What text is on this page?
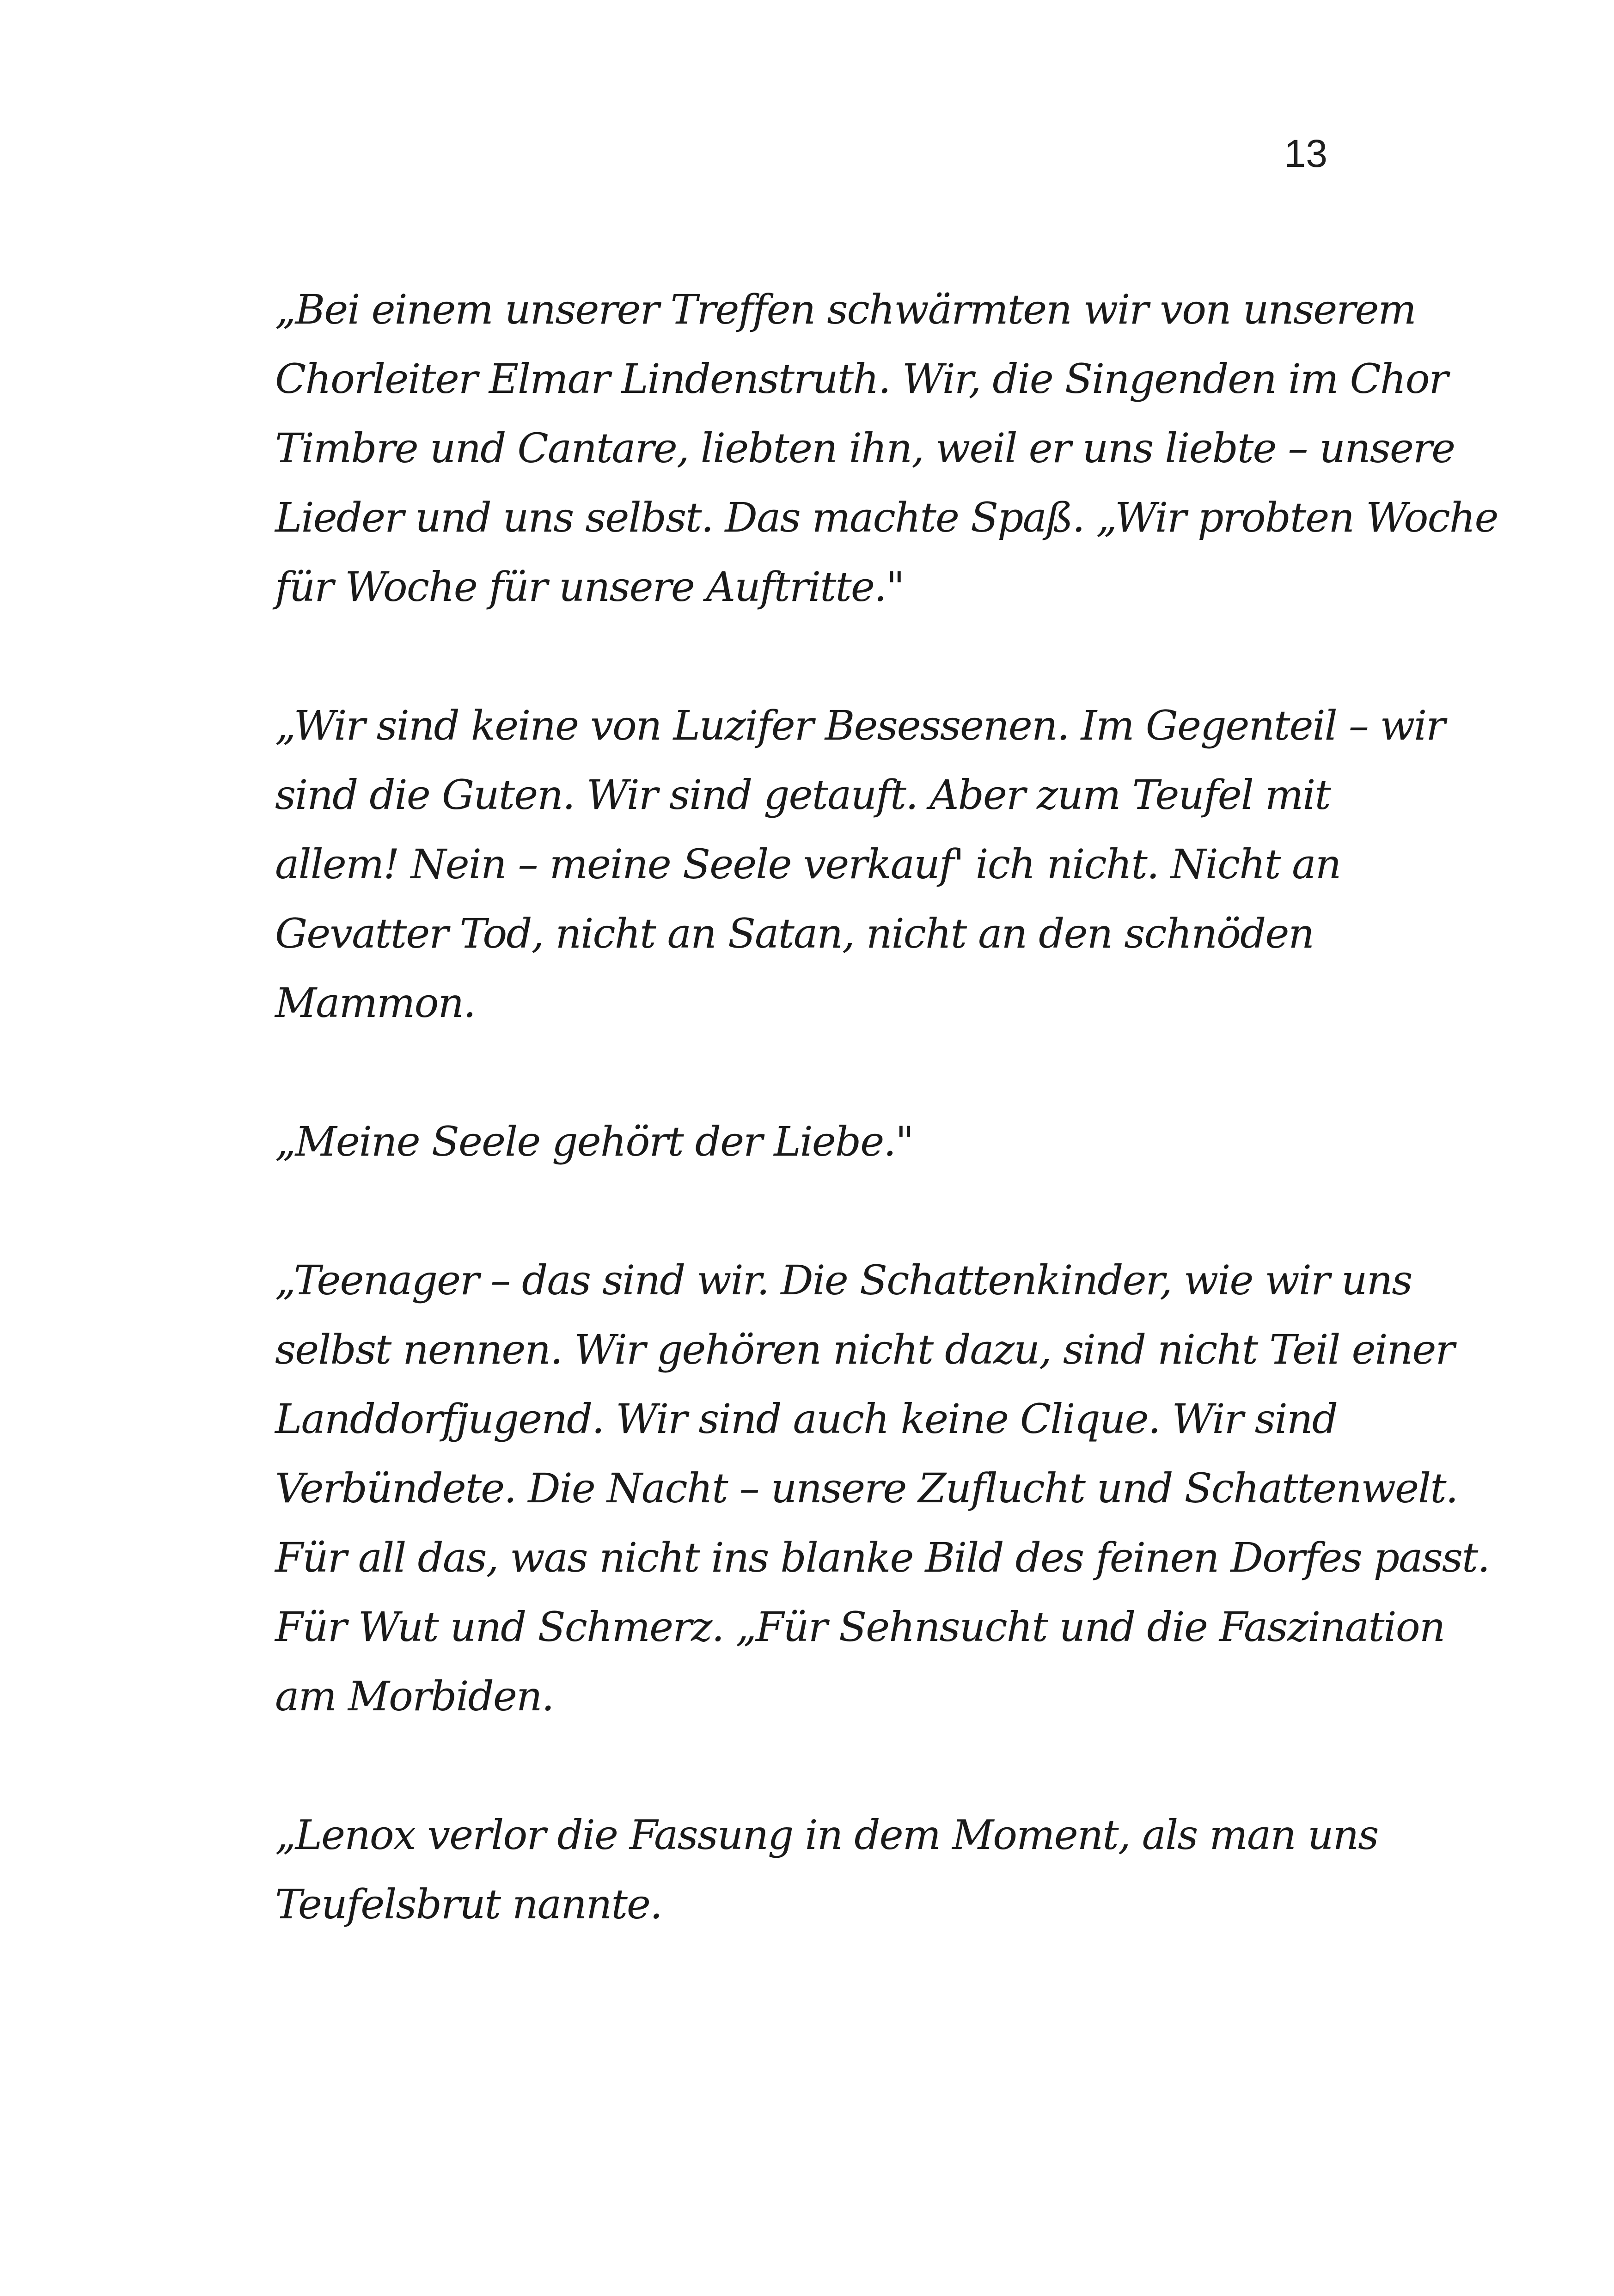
13

„Bei einem unserer Treffen schwärmten wir von unserem
Chorleiter Elmar Lindenstruth. Wir, die Singenden im Chor
Timbre und Cantare, liebten ihn, weil er uns liebte – unsere
Lieder und uns selbst. Das machte Spaß. „Wir probten Woche
für Woche für unsere Auftritte."

„Wir sind keine von Luzifer Besessenen. Im Gegenteil – wir
sind die Guten. Wir sind getauft. Aber zum Teufel mit
allem! Nein – meine Seele verkauf' ich nicht. Nicht an
Gevatter Tod, nicht an Satan, nicht an den schnöden
Mammon.

„Meine Seele gehört der Liebe."

„Teenager – das sind wir. Die Schattenkinder, wie wir uns
selbst nennen. Wir gehören nicht dazu, sind nicht Teil einer
Landdorfjugend. Wir sind auch keine Clique. Wir sind
Verbündete. Die Nacht – unsere Zuflucht und Schattenwelt.
Für all das, was nicht ins blanke Bild des feinen Dorfes passt.
Für Wut und Schmerz. „Für Sehnsucht und die Faszination
am Morbiden.

„Lenox verlor die Fassung in dem Moment, als man uns
Teufelsbrut nannte.
